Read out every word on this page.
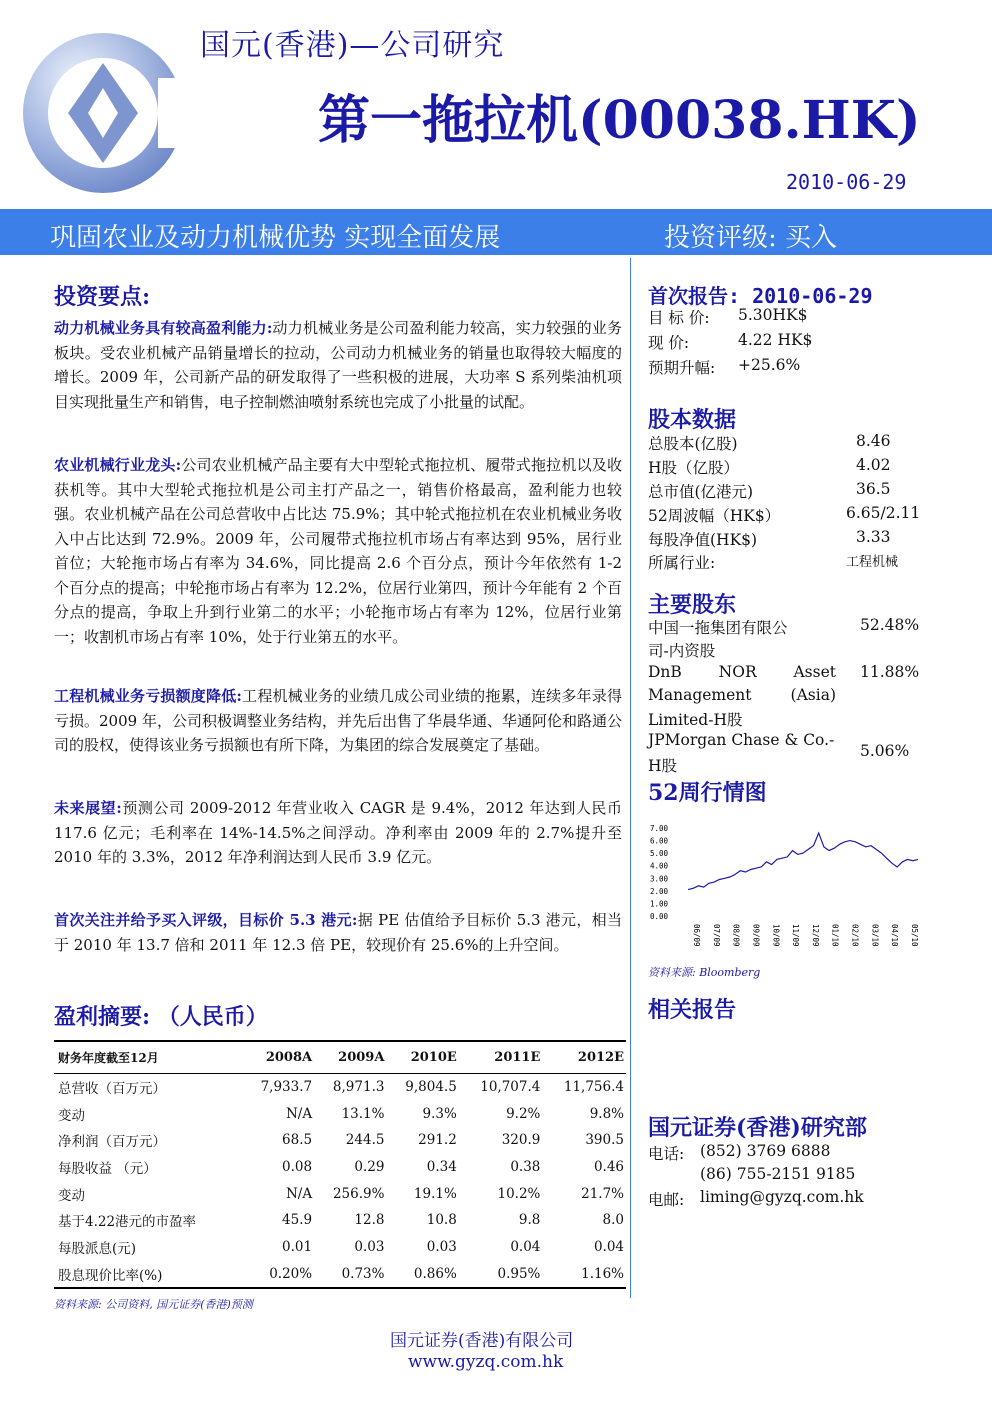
国元(香港)—公司研究
第一拖拉机(00038.HK)
2010-06-29
巩固农业及动力机械优势 实现全面发展	投资评级: 买入
投资要点:
动力机械业务具有较高盈利能力:动力机械业务是公司盈利能力较高，实力较强的业务板块。受农业机械产品销量增长的拉动，公司动力机械业务的销量也取得较大幅度的增长。2009 年，公司新产品的研发取得了一些积极的进展，大功率 S 系列柴油机项目实现批量生产和销售，电子控制燃油喷射系统也完成了小批量的试配。
农业机械行业龙头:公司农业机械产品主要有大中型轮式拖拉机、履带式拖拉机以及收获机等。其中大型轮式拖拉机是公司主打产品之一，销售价格最高，盈利能力也较强。农业机械产品在公司总营收中占比达 75.9%；其中轮式拖拉机在农业机械业务收入中占比达到 72.9%。2009 年，公司履带式拖拉机市场占有率达到 95%，居行业首位；大轮拖市场占有率为 34.6%，同比提高 2.6 个百分点，预计今年依然有 1-2 个百分点的提高；中轮拖市场占有率为 12.2%，位居行业第四，预计今年能有 2 个百分点的提高，争取上升到行业第二的水平；小轮拖市场占有率为 12%，位居行业第一；收割机市场占有率 10%，处于行业第五的水平。
工程机械业务亏损额度降低:工程机械业务的业绩几成公司业绩的拖累，连续多年录得亏损。2009 年，公司积极调整业务结构，并先后出售了华晨华通、华通阿伦和路通公司的股权，使得该业务亏损额也有所下降，为集团的综合发展奠定了基础。
未来展望:预测公司 2009-2012 年营业收入 CAGR 是 9.4%，2012 年达到人民币 117.6 亿元；毛利率在 14%-14.5%之间浮动。净利率由 2009 年的 2.7%提升至 2010 年的 3.3%，2012 年净利润达到人民币 3.9 亿元。
首次关注并给予买入评级，目标价 5.3 港元:据 PE 估值给予目标价 5.3 港元，相当于 2010 年 13.7 倍和 2011 年 12.3 倍 PE，较现价有 25.6%的上升空间。
盈利摘要: （人民币）
财务年度截至12月	2008A	2009A	2010E	2011E	2012E
总营收（百万元）	7,933.7	8,971.3	9,804.5	10,707.4	11,756.4
变动	N/A	13.1%	9.3%	9.2%	9.8%
净利润（百万元）	68.5	244.5	291.2	320.9	390.5
每股收益 （元）	0.08	0.29	0.34	0.38	0.46
变动	N/A	256.9%	19.1%	10.2%	21.7%
基于4.22港元的市盈率	45.9	12.8	10.8	9.8	8.0
每股派息(元)	0.01	0.03	0.03	0.04	0.04
股息现价比率(%)	0.20%	0.73%	0.86%	0.95%	1.16%
资料来源: 公司资料, 国元证券(香港)预测
首次报告: 2010-06-29
目 标 价: 5.30HK$
现 价:	4.22 HK$
预期升幅: +25.6%
股本数据
总股本(亿股)	8.46
H股（亿股）	4.02
总市值(亿港元)	36.5
52周波幅（HK$）	6.65/2.11
每股净值(HK$)	3.33
所属行业:	工程机械
主要股东
中国一拖集团有限公
司-内资股
52.48%
DnB NOR Asset
Management (Asia)
Limited-H股
11.88%
JPMorgan Chase & Co.-
H股
5.06%
52周行情图
7.00
6.00
5.00
4.00
3.00
2.00
1.00
0.00
06/09 07/09 08/09 09/09 10/09 11/09 12/09 01/10 02/10 03/10 04/10 05/10
资料来源: Bloomberg
相关报告
国元证券(香港)研究部
电话: (852) 3769 6888
(86) 755-2151 9185
电邮: liming@gyzq.com.hk
国元证券(香港)有限公司
www.gyzq.com.hk
